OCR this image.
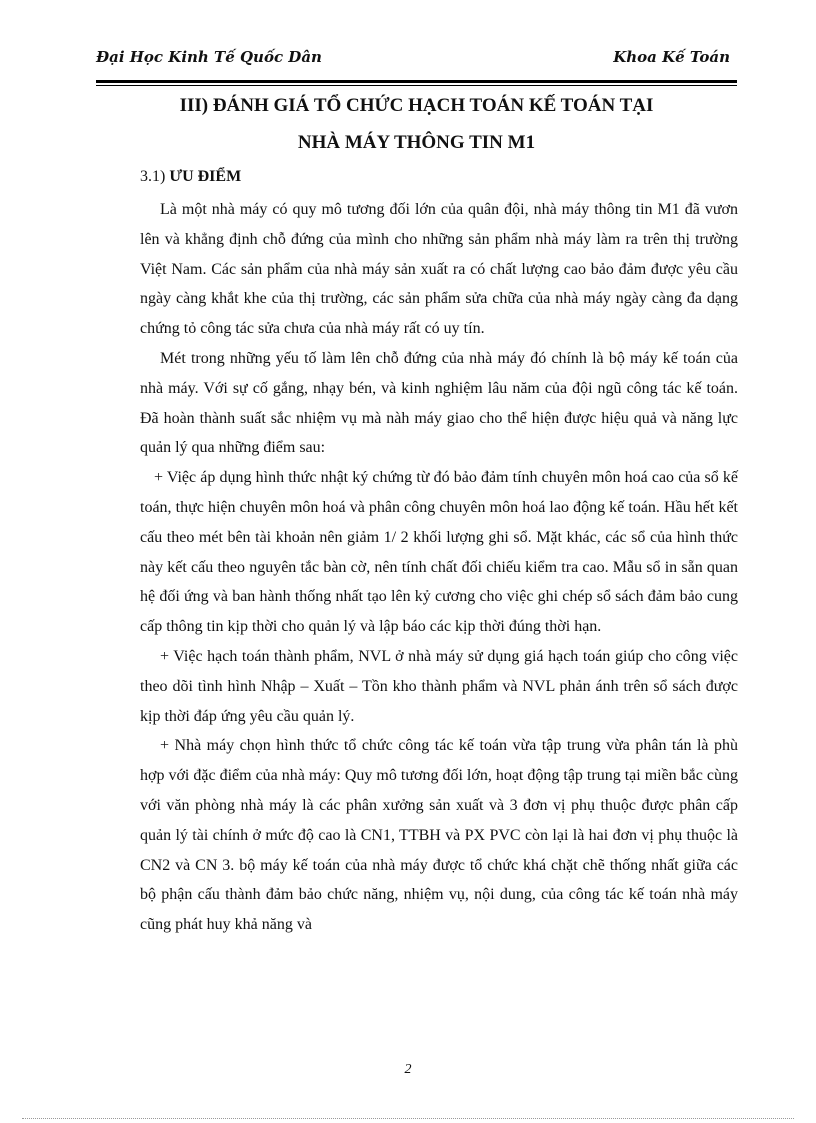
Đại Học Kinh Tế Quốc Dân	Khoa Kế Toán
III) ĐÁNH GIÁ TỔ CHỨC HẠCH TOÁN KẾ TOÁN TẠI
NHÀ MÁY THÔNG TIN M1
3.1) ƯU ĐIỂM

Là một nhà máy có quy mô tương đối lớn của quân đội, nhà máy thông tin M1 đã vươn lên và khẳng định chỗ đứng của mình cho những sản phẩm nhà máy làm ra trên thị trường Việt Nam. Các sản phẩm của nhà máy sản xuất ra có chất lượng cao bảo đảm được yêu cầu ngày càng khắt khe của thị trường, các sản phẩm sửa chữa của nhà máy ngày càng đa dạng chứng tỏ công tác sửa chưa của nhà máy rất có uy tín.

Mét trong những yếu tố làm lên chỗ đứng của nhà máy đó chính là bộ máy kế toán của nhà máy. Với sự cố gắng, nhạy bén, và kinh nghiệm lâu năm của đội ngũ công tác kế toán. Đã hoàn thành suất sắc nhiệm vụ mà nàh máy giao cho thể hiện được hiệu quả và năng lực quản lý qua những điểm sau:

+ Việc áp dụng hình thức nhật ký chứng từ đó bảo đảm tính chuyên môn hoá cao của sổ kế toán, thực hiện chuyên môn hoá và phân công chuyên môn hoá lao động kế toán. Hầu hết kết cấu theo mét bên tài khoản nên giảm 1/ 2 khối lượng ghi sổ. Mặt khác, các sổ của hình thức này kết cấu theo nguyên tắc bàn cờ, nên tính chất đối chiếu kiểm tra cao. Mẫu sổ in sẵn quan hệ đối ứng và ban hành thống nhất tạo lên kỷ cương cho việc ghi chép sổ sách đảm bảo cung cấp thông tin kịp thời cho quản lý và lập báo các kịp thời đúng thời hạn.

+ Việc hạch toán thành phẩm, NVL ở nhà máy sử dụng giá hạch toán giúp cho công việc theo dõi tình hình Nhập – Xuất – Tồn kho thành phẩm và NVL phản ánh trên sổ sách được kịp thời đáp ứng yêu cầu quản lý.

+ Nhà máy chọn hình thức tổ chức công tác kế toán vừa tập trung vừa phân tán là phù hợp với đặc điểm của nhà máy: Quy mô tương đối lớn, hoạt động tập trung tại miền bắc cùng với văn phòng nhà máy là các phân xưởng sản xuất và 3 đơn vị phụ thuộc được phân cấp quản lý tài chính ở mức độ cao là CN1, TTBH và PX PVC còn lại là hai đơn vị phụ thuộc là CN2 và CN 3. bộ máy kế toán của nhà máy được tổ chức khá chặt chẽ thống nhất giữa các bộ phận cấu thành đảm bảo chức năng, nhiệm vụ, nội dung, của công tác kế toán nhà máy cũng phát huy khả năng và

2
